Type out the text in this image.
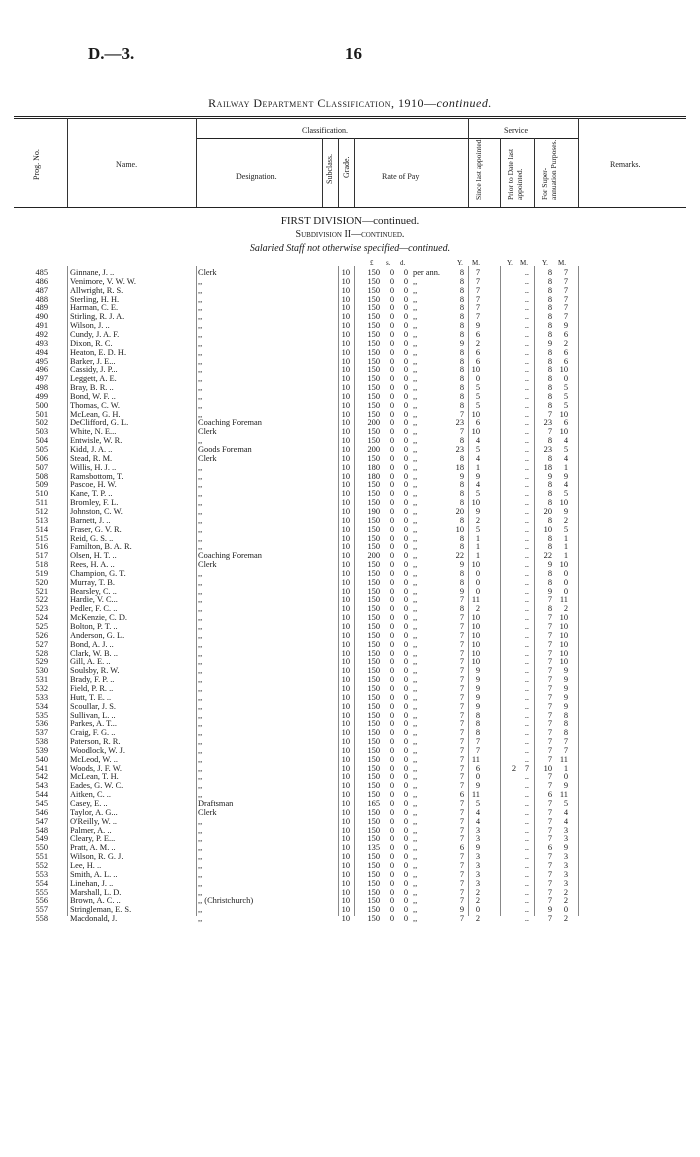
D.—3.	16
Railway Department Classification, 1910—continued.
Prog. No.	Name.
Classification.
Designation.	Subclass. Grade.	Rate of Pay
Service
Since last appointed.	Prior to Date last appointed. For Super- annuation Purposes.	Remarks.
FIRST DIVISION—continued.
Subdivision II—continued.
Salaried Staff not otherwise specified—continued.
£ s. d.	Y. M.	Y. M. Y. M.
485	Ginnane, J. ..	Clerk	10	150	0	0 per ann.	8	7	..	8	7
486	Venimore, V. W. W.	,,	10	150	0	0 ,,	8	7	..	8	7
487	Allwright, R. S.	,,	10	150	0	0 ,,	8	7	..	8	7
488	Sterling, H. H.	,,	10	150	0	0 ,,	8	7	..	8	7
489	Harman, C. E.	,,	10	150	0	0 ,,	8	7	..	8	7
490	Stirling, R. J. A.	,,	10	150	0	0 ,,	8	7	..	8	7
491	Wilson, J. ..	,,	10	150	0	0 ,,	8	9	..	8	9
492	Cundy, J. A. F.	,,	10	150	0	0 ,,	8	6	..	8	6
493	Dixon, R. C.	,,	10	150	0	0 ,,	9	2	..	9	2
494	Heaton, E. D. H.	,,	10	150	0	0 ,,	8	6	..	8	6
495	Barker, J. E...	,,	10	150	0	0 ,,	8	6	..	8	6
496	Cassidy, J. P...	,,	10	150	0	0 ,,	8 10	..	8 10
497	Leggett, A. E.	,,	10	150	0	0 ,,	8	0	..	8	0
498	Bray, B. R. ..	,,	10	150	0	0 ,,	8	5	..	8	5
499	Bond, W. F. ..	,,	10	150	0	0 ,,	8	5	..	8	5
500	Thomas, C. W.	,,	10	150	0	0 ,,	8	5	..	8	5
501	McLean, G. H.	,,	10	150	0	0 ,,	7 10	..	7 10
502	DeClifford, G. L.	Coaching Foreman	10	200	0	0 ,,	23	6	..	23	6
503	White, N. E...	Clerk	10	150	0	0 ,,	7 10	..	7 10
504	Entwisle, W. R.	,,	10	150	0	0 ,,	8	4	..	8	4
505	Kidd, J. A. ..	Goods Foreman	10	200	0	0 ,,	23	5	..	23	5
506	Stead, R. M.	Clerk	10	150	0	0 ,,	8	4	..	8	4
507	Willis, H. J. ..	,,	10	180	0	0 ,,	18	1	..	18	1
508	Ramsbottom, T.	,,	10	180	0	0 ,,	9	9	..	9	9
509	Pascoe, H. W.	,,	10	150	0	0 ,,	8	4	..	8	4
510	Kane, T. P. ..	,,	10	150	0	0 ,,	8	5	..	8	5
511	Bromley, F. L.	,,	10	150	0	0 ,,	8 10	..	8 10
512	Johnston, C. W.	,,	10	190	0	0 ,,	20	9	..	20	9
513	Barnett, J. ..	,,	10	150	0	0 ,,	8	2	..	8	2
514	Fraser, G. V. R.	,,	10	150	0	0 ,,	10	5	..	10	5
515	Reid, G. S. ..	,,	10	150	0	0 ,,	8	1	..	8	1
516	Familton, B. A. R.	,,	10	150	0	0 ,,	8	1	..	8	1
517	Olsen, H. T. ..	Coaching Foreman	10	200	0	0 ,,	22	1	..	22	1
518	Rees, H. A. ..	Clerk	10	150	0	0 ,,	9 10	..	9 10
519	Champion, G. T.	,,	10	150	0	0 ,,	8	0	..	8	0
520	Murray, T. B.	,,	10	150	0	0 ,,	8	0	..	8	0
521	Bearsley, C. ..	,,	10	150	0	0 ,,	9	0	..	9	0
522	Hardie, V. C...	,,	10	150	0	0 ,,	7 11	..	7 11
523	Pedler, F. C. ..	,,	10	150	0	0 ,,	8	2	..	8	2
524	McKenzie, C. D.	,,	10	150	0	0 ,,	7 10	..	7 10
525	Bolton, P. T. ..	,,	10	150	0	0 ,,	7 10	..	7 10
526	Anderson, G. L.	,,	10	150	0	0 ,,	7 10	..	7 10
527	Bond, A. J. ..	,,	10	150	0	0 ,,	7 10	..	7 10
528	Clark, W. B. ..	,,	10	150	0	0 ,,	7 10	..	7 10
529	Gill, A. E. ..	,,	10	150	0	0 ,,	7 10	..	7 10
530	Soulsby, R. W.	,,	10	150	0	0 ,,	7	9	..	7	9
531	Brady, F. P. ..	,,	10	150	0	0 ,,	7	9	..	7	9
532	Field, P. R. ..	,,	10	150	0	0 ,,	7	9	..	7	9
533	Hutt, T. E. ..	,,	10	150	0	0 ,,	7	9	..	7	9
534	Scoullar, J. S.	,,	10	150	0	0 ,,	7	9	..	7	9
535	Sullivan, L. ..	,,	10	150	0	0 ,,	7	8	..	7	8
536	Parkes, A. T...	,,	10	150	0	0 ,,	7	8	..	7	8
537	Craig, F. G. ..	,,	10	150	0	0 ,,	7	8	..	7	8
538	Paterson, R. R.	,,	10	150	0	0 ,,	7	7	..	7	7
539	Woodlock, W. J.	,,	10	150	0	0 ,,	7	7	..	7	7
540	McLeod, W. ..	,,	10	150	0	0 ,,	7 11	..	7 11
541	Woods, J. F. W.	,,	10	150	0	0 ,,	7	6	2	7	10	1
542	McLean, T. H.	,,	10	150	0	0 ,,	7	0	..	7	0
543	Eades, G. W. C.	,,	10	150	0	0 ,,	7	9	..	7	9
544	Aitken, C. ..	,,	10	150	0	0 ,,	6 11	..	6 11
545	Casey, E. ..	Draftsman	10	165	0	0 ,,	7	5	..	7	5
546	Taylor, A. G...	Clerk	10	150	0	0 ,,	7	4	..	7	4
547	O'Reilly, W. ..	,,	10	150	0	0 ,,	7	4	..	7	4
548	Palmer, A. ..	,,	10	150	0	0 ,,	7	3	..	7	3
549	Cleary, P. E...	,,	10	150	0	0 ,,	7	3	..	7	3
550	Pratt, A. M. ..	,,	10	135	0	0 ,,	6	9	..	6	9
551	Wilson, R. G. J.	,,	10	150	0	0 ,,	7	3	..	7	3
552	Lee, H. ..	,,	10	150	0	0 ,,	7	3	..	7	3
553	Smith, A. L. ..	,,	10	150	0	0 ,,	7	3	..	7	3
554	Linehan, J. ..	,,	10	150	0	0 ,,	7	3	..	7	3
555	Marshall, L. D.	,,	10	150	0	0 ,,	7	2	..	7	2
556	Brown, A. C. ..	,, (Christchurch)	10	150	0	0 ,,	7	2	..	7	2
557	Stringleman, E. S.	,,	10	150	0	0 ,,	9	0	..	9	0
558	Macdonald, J.	,,	10	150	0	0 ,,	7	2	..	7	2
